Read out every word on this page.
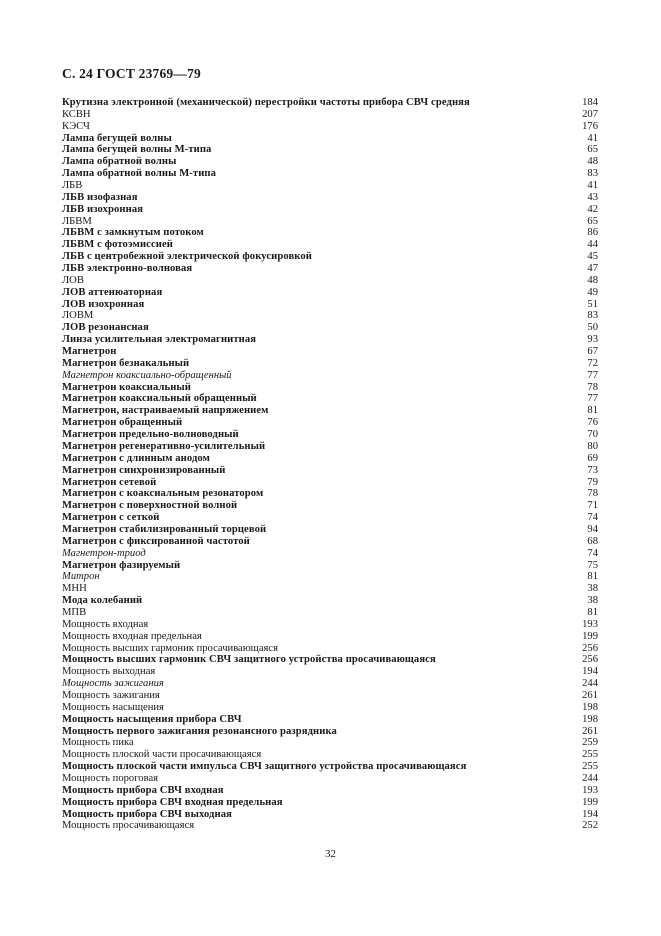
С. 24 ГОСТ 23769—79
Крутизна электронной (механической) перестройки частоты прибора СВЧ средняя	184
КСВН	207
КЭСЧ	176
Лампа бегущей волны	41
Лампа бегущей волны М-типа	65
Лампа обратной волны	48
Лампа обратной волны М-типа	83
ЛБВ	41
ЛБВ изофазная	43
ЛБВ изохронная	42
ЛБВМ	65
ЛБВМ с замкнутым потоком	86
ЛБВМ с фотоэмиссией	44
ЛБВ с центробежной электрической фокусировкой	45
ЛБВ электронно-волновая	47
ЛОВ	48
ЛОВ аттенюаторная	49
ЛОВ изохронная	51
ЛОВМ	83
ЛОВ резонансная	50
Линза усилительная электромагнитная	93
Магнетрон	67
Магнетрон безнакальный	72
Магнетрон коаксиально-обращенный	77
Магнетрон коаксиальный	78
Магнетрон коаксиальный обращенный	77
Магнетрон, настраиваемый напряжением	81
Магнетрон обращенный	76
Магнетрон предельно-волноводный	70
Магнетрон регенеративно-усилительный	80
Магнетрон с длинным анодом	69
Магнетрон синхронизированный	73
Магнетрон сетевой	79
Магнетрон с коаксиальным резонатором	78
Магнетрон с поверхностной волной	71
Магнетрон с сеткой	74
Магнетрон стабилизированный торцевой	94
Магнетрон с фиксированной частотой	68
Магнетрон-триод	74
Магнетрон фазируемый	75
Митрон	81
МНН	38
Мода колебаний	38
МПВ	81
Мощность входная	193
Мощность входная предельная	199
Мощность высших гармоник просачивающаяся	256
Мощность высших гармоник СВЧ защитного устройства просачивающаяся	256
Мощность выходная	194
Мощность зажигания	244
Мощность зажигания	261
Мощность насыщения	198
Мощность насыщения прибора СВЧ	198
Мощность первого зажигания резонансного разрядника	261
Мощность пика	259
Мощность плоской части просачивающаяся	255
Мощность плоской части импульса СВЧ защитного устройства просачивающаяся	255
Мощность пороговая	244
Мощность прибора СВЧ входная	193
Мощность прибора СВЧ входная предельная	199
Мощность прибора СВЧ выходная	194
Мощность просачивающаяся	252
32
